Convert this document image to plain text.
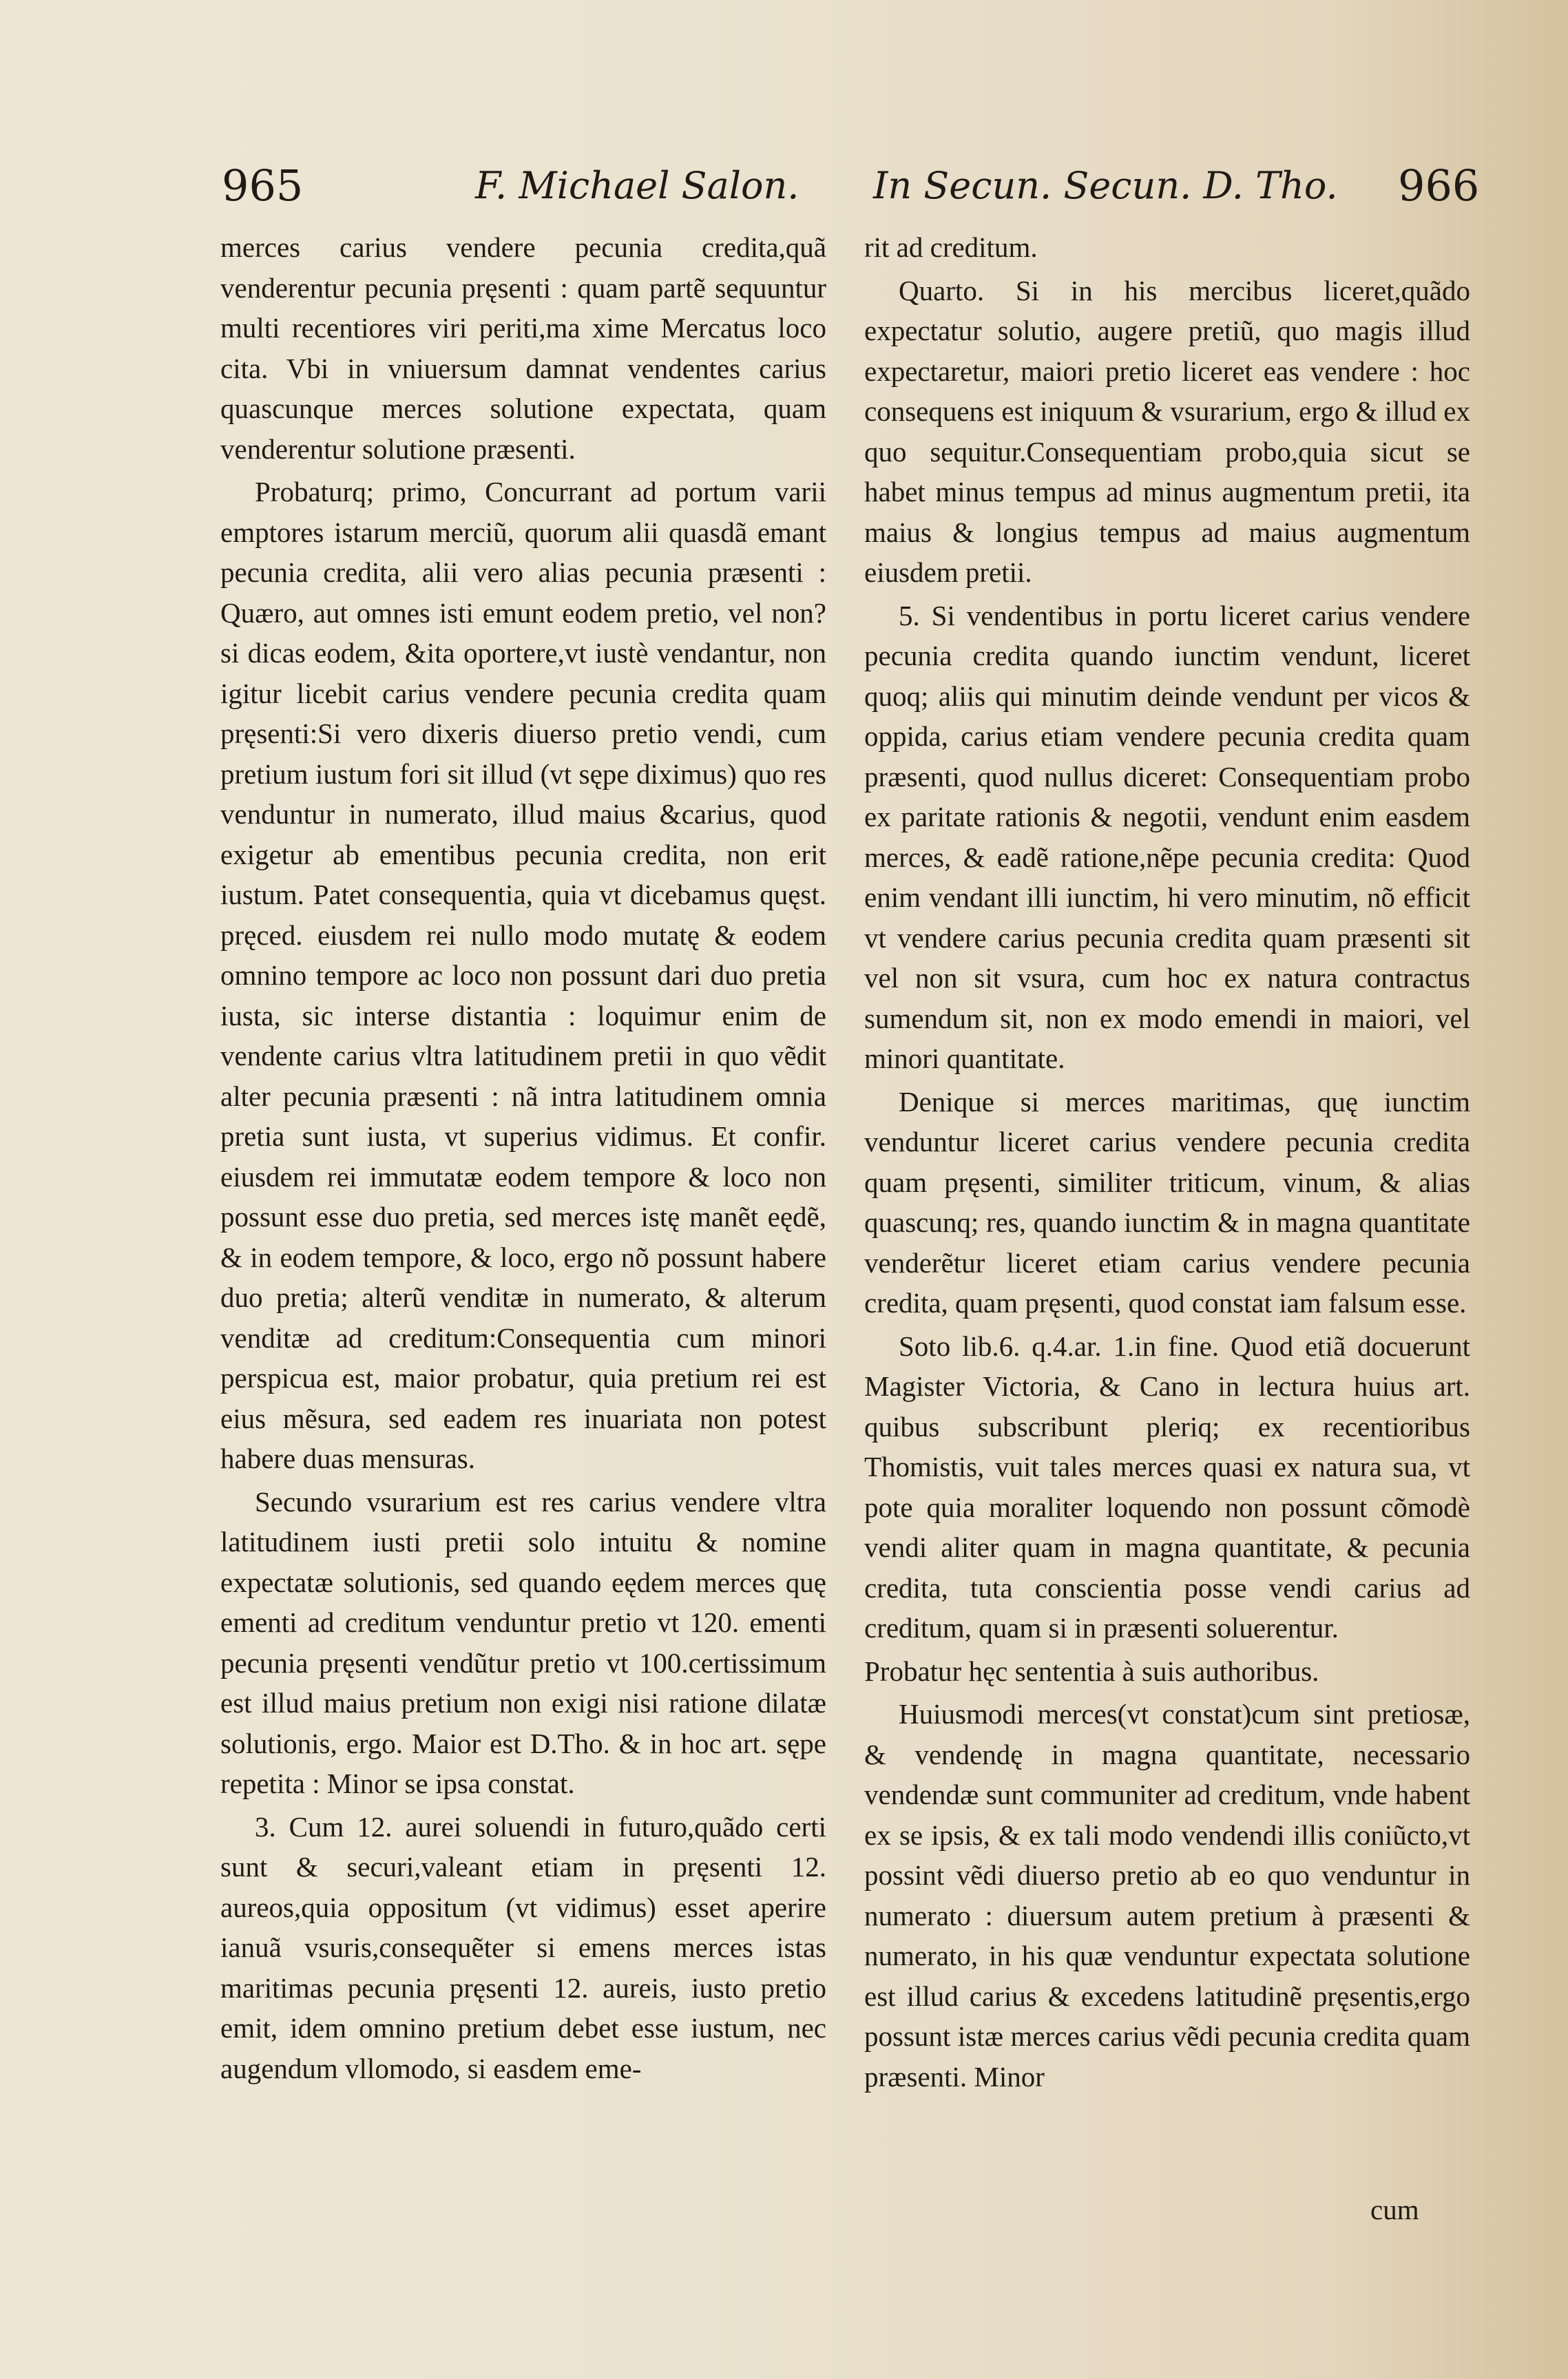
965	F. Michael Salon. In Secun. Secun. D. Tho. 966

merces carius vendere pecunia credita,quã venderentur pecunia pręsenti : quam partẽ sequuntur multi recentiores viri periti,ma xime Mercatus loco cita. Vbi in vniuersum damnat vendentes carius quascunque merces solutione expectata, quam venderentur solutione præsenti.

Probaturq; primo, Concurrant ad portum varii emptores istarum merciũ, quorum alii quasdã emant pecunia credita, alii vero alias pecunia præsenti : Quæro, aut omnes isti emunt eodem pretio, vel non? si dicas eodem, &ita oportere,vt iustè vendantur, non igitur licebit carius vendere pecunia credita quam pręsenti:Si vero dixeris diuerso pretio vendi, cum pretium iustum fori sit illud (vt sępe diximus) quo res venduntur in numerato, illud maius &carius, quod exigetur ab ementibus pecunia credita, non erit iustum. Patet consequentia, quia vt dicebamus quęst. pręced. eiusdem rei nullo modo mutatę & eodem omnino tempore ac loco non possunt dari duo pretia iusta, sic interse distantia : loquimur enim de vendente carius vltra latitudinem pretii in quo vẽdit alter pecunia præsenti : nã intra latitudinem omnia pretia sunt iusta, vt superius vidimus. Et confir. eiusdem rei immutatæ eodem tempore & loco non possunt esse duo pretia, sed merces istę manẽt eędẽ, & in eodem tempore, & loco, ergo nõ possunt habere duo pretia; alterũ venditæ in numerato, & alterum venditæ ad creditum:Consequentia cum minori perspicua est, maior probatur, quia pretium rei est eius mẽsura, sed eadem res inuariata non potest habere duas mensuras.

Secundo vsurarium est res carius vendere vltra latitudinem iusti pretii solo intuitu & nomine expectatæ solutionis, sed quando eędem merces quę ementi ad creditum venduntur pretio vt 120. ementi pecunia pręsenti vendũtur pretio vt 100.certissimum est illud maius pretium non exigi nisi ratione dilatæ solutionis, ergo. Maior est D.Tho. & in hoc art. sępe repetita : Minor se ipsa constat.

3. Cum 12. aurei soluendi in futuro,quãdo certi sunt & securi,valeant etiam in pręsenti 12. aureos,quia oppositum (vt vidimus) esset aperire ianuã vsuris,consequẽter si emens merces istas maritimas pecunia pręsenti 12. aureis, iusto pretio emit, idem omnino pretium debet esse iustum, nec augendum vllomodo, si easdem eme-

rit ad creditum.

Quarto. Si in his mercibus liceret,quãdo expectatur solutio, augere pretiũ, quo magis illud expectaretur, maiori pretio liceret eas vendere : hoc consequens est iniquum & vsurarium, ergo & illud ex quo sequitur.Consequentiam probo,quia sicut se habet minus tempus ad minus augmentum pretii, ita maius & longius tempus ad maius augmentum eiusdem pretii.

5. Si vendentibus in portu liceret carius vendere pecunia credita quando iunctim vendunt, liceret quoq; aliis qui minutim deinde vendunt per vicos & oppida, carius etiam vendere pecunia credita quam præsenti, quod nullus diceret: Consequentiam probo ex paritate rationis & negotii, vendunt enim easdem merces, & eadẽ ratione,nẽpe pecunia credita: Quod enim vendant illi iunctim, hi vero minutim, nõ efficit vt vendere carius pecunia credita quam præsenti sit vel non sit vsura, cum hoc ex natura contractus sumendum sit, non ex modo emendi in maiori, vel minori quantitate.

Denique si merces maritimas, quę iunctim venduntur liceret carius vendere pecunia credita quam pręsenti, similiter triticum, vinum, & alias quascunq; res, quando iunctim & in magna quantitate venderẽtur liceret etiam carius vendere pecunia credita, quam pręsenti, quod constat iam falsum esse.

Soto lib.6. q.4.ar. 1.in fine. Quod etiã docuerunt Magister Victoria, & Cano in lectura huius art. quibus subscribunt pleriq; ex recentioribus Thomistis, vuit tales merces quasi ex natura sua, vt pote quia moraliter loquendo non possunt cõmodè vendi aliter quam in magna quantitate, & pecunia credita, tuta conscientia posse vendi carius ad creditum, quam si in præsenti soluerentur.

Probatur hęc sententia à suis authoribus.

Huiusmodi merces(vt constat)cum sint pretiosæ, & vendendę in magna quantitate, necessario vendendæ sunt communiter ad creditum, vnde habent ex se ipsis, & ex tali modo vendendi illis coniũcto,vt possint vẽdi diuerso pretio ab eo quo venduntur in numerato : diuersum autem pretium à præsenti & numerato, in his quæ venduntur expectata solutione est illud carius & excedens latitudinẽ pręsentis,ergo possunt istæ merces carius vẽdi pecunia credita quam præsenti. Minor

cum
